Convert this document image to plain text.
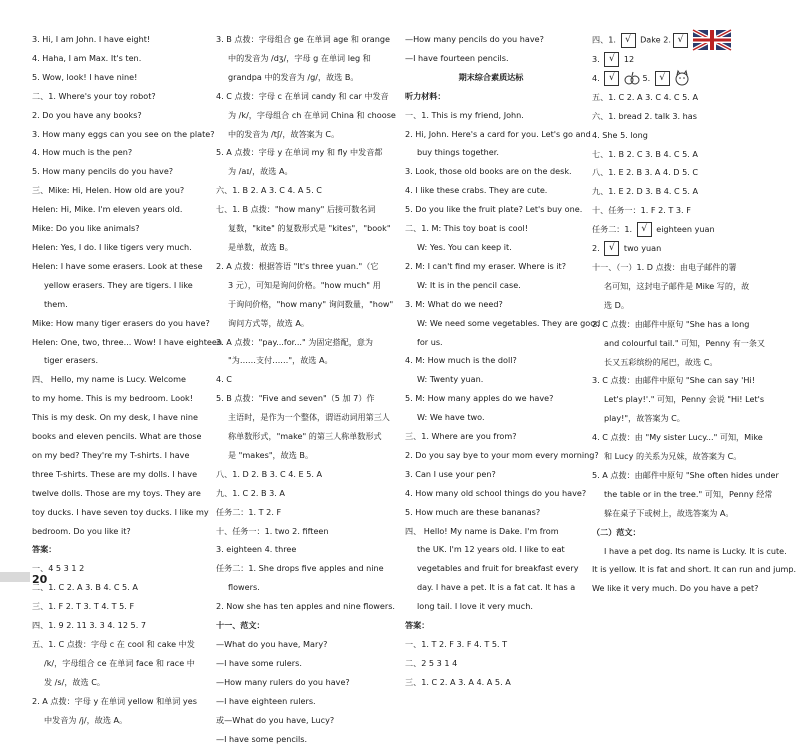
3. Hi, I am John. I have eight!
4. Haha, I am Max. It's ten.
5. Wow, look! I have nine!
二、1. Where's your toy robot?
2. Do you have any books?
3. How many eggs can you see on the plate?
4. How much is the pen?
5. How many pencils do you have?
三、Mike: Hi, Helen. How old are you?
Helen: Hi, Mike. I'm eleven years old.
Mike: Do you like animals?
Helen: Yes, I do. I like tigers very much.
Helen: I have some erasers. Look at these
yellow erasers. They are tigers. I like
them.
Mike: How many tiger erasers do you have?
Helen: One, two, three... Wow! I have eighteen
tiger erasers.
四、 Hello, my name is Lucy. Welcome
to my home. This is my bedroom. Look!
This is my desk. On my desk, I have nine
books and eleven pencils. What are those
on my bed? They're my T-shirts. I have
three T-shirts. These are my dolls. I have
twelve dolls. Those are my toys. They are
toy ducks. I have seven toy ducks. I like my
bedroom. Do you like it?
答案：
一、4 5 3 1 2
二、1. C 2. A 3. B 4. C 5. A
三、1. F 2. T 3. T 4. T 5. F
四、1. 9 2. 11 3. 3 4. 12 5. 7
五、1. C 点拨：字母 c 在 cool 和 cake 中发
/k/，字母组合 ce 在单词 face 和 race 中
发 /s/，故选 C。
2. A 点拨：字母 y 在单词 yellow 和单词 yes
中发音为 /j/，故选 A。
3. B 点拨：字母组合 ge 在单词 age 和 orange
中的发音为 /dʒ/，字母 g 在单词 leg 和
grandpa 中的发音为 /g/，故选 B。
4. C 点拨：字母 c 在单词 candy 和 car 中发音
为 /k/，字母组合 ch 在单词 China 和 choose
中的发音为 /tʃ/，故答案为 C。
5. A 点拨：字母 y 在单词 my 和 fly 中发音都
为 /aɪ/，故选 A。
六、1. B 2. A 3. C 4. A 5. C
七、1. B 点拨："how many" 后接可数名词
复数，"kite" 的复数形式是 "kites"，"book"
是单数，故选 B。
2. A 点拨：根据答语 "It's three yuan."（它
3 元），可知是询问价格。"how much" 用
于询问价格，"how many" 询问数量，"how"
询问方式等，故选 A。
3. A 点拨："pay...for..." 为固定搭配，意为
"为……支付……"，故选 A。
4. C
5. B 点拨："Five and seven"（5 加 7）作
主语时，是作为一个整体，谓语动词用第三人
称单数形式，"make" 的第三人称单数形式
是 "makes"，故选 B。
八、1. D 2. B 3. C 4. E 5. A
九、1. C 2. B 3. A
任务二：1. T 2. F
十、任务一：1. two 2. fifteen
3. eighteen 4. three
任务二：1. She drops five apples and nine
flowers.
2. Now she has ten apples and nine flowers.
十一、范文：
—What do you have, Mary?
—I have some rulers.
—How many rulers do you have?
—I have eighteen rulers.
或—What do you have, Lucy?
—I have some pencils.
—How many pencils do you have?
—I have fourteen pencils.
期末综合素质达标
听力材料：
一、1. This is my friend, John.
2. Hi, John. Here's a card for you. Let's go and
buy things together.
3. Look, those old books are on the desk.
4. I like these crabs. They are cute.
5. Do you like the fruit plate? Let's buy one.
二、1. M: This toy boat is cool!
W: Yes. You can keep it.
2. M: I can't find my eraser. Where is it?
W: It is in the pencil case.
3. M: What do we need?
W: We need some vegetables. They are good
for us.
4. M: How much is the doll?
W: Twenty yuan.
5. M: How many apples do we have?
W: We have two.
三、1. Where are you from?
2. Do you say bye to your mom every morning?
3. Can I use your pen?
4. How many old school things do you have?
5. How much are these bananas?
四、 Hello! My name is Dake. I'm from
the UK. I'm 12 years old. I like to eat
vegetables and fruit for breakfast every
day. I have a pet. It is a fat cat. It has a
long tail. I love it very much.
答案：
一、1. T 2. F 3. F 4. T 5. T
二、2 5 3 1 4
三、1. C 2. A 3. A 4. A 5. A
四、1. √ Dake 2. √
3. √ 12
4. √	5. √
五、1. C 2. A 3. C 4. C 5. A
六、1. bread 2. talk 3. has
4. She 5. long
七、1. B 2. C 3. B 4. C 5. A
八、1. E 2. B 3. A 4. D 5. C
九、1. E 2. D 3. B 4. C 5. A
十、任务一：1. F 2. T 3. F
任务二：1. √ eighteen yuan
2. √ two yuan
十一、（一）1. D 点拨：由电子邮件的署
名可知，这封电子邮件是 Mike 写的，故
选 D。
2. C 点拨：由邮件中原句 "She has a long
and colourful tail." 可知，Penny 有一条又
长又五彩缤纷的尾巴，故选 C。
3. C 点拨：由邮件中原句 "She can say 'Hi!
Let's play!'." 可知，Penny 会说 "Hi! Let's
play!"，故答案为 C。
4. C 点拨：由 "My sister Lucy..." 可知，Mike
和 Lucy 的关系为兄妹，故答案为 C。
5. A 点拨：由邮件中原句 "She often hides under
the table or in the tree." 可知，Penny 经常
躲在桌子下或树上，故选答案为 A。
（二）范文：
I have a pet dog. Its name is Lucky. It is cute.
It is yellow. It is fat and short. It can run and jump.
We like it very much. Do you have a pet?
20
